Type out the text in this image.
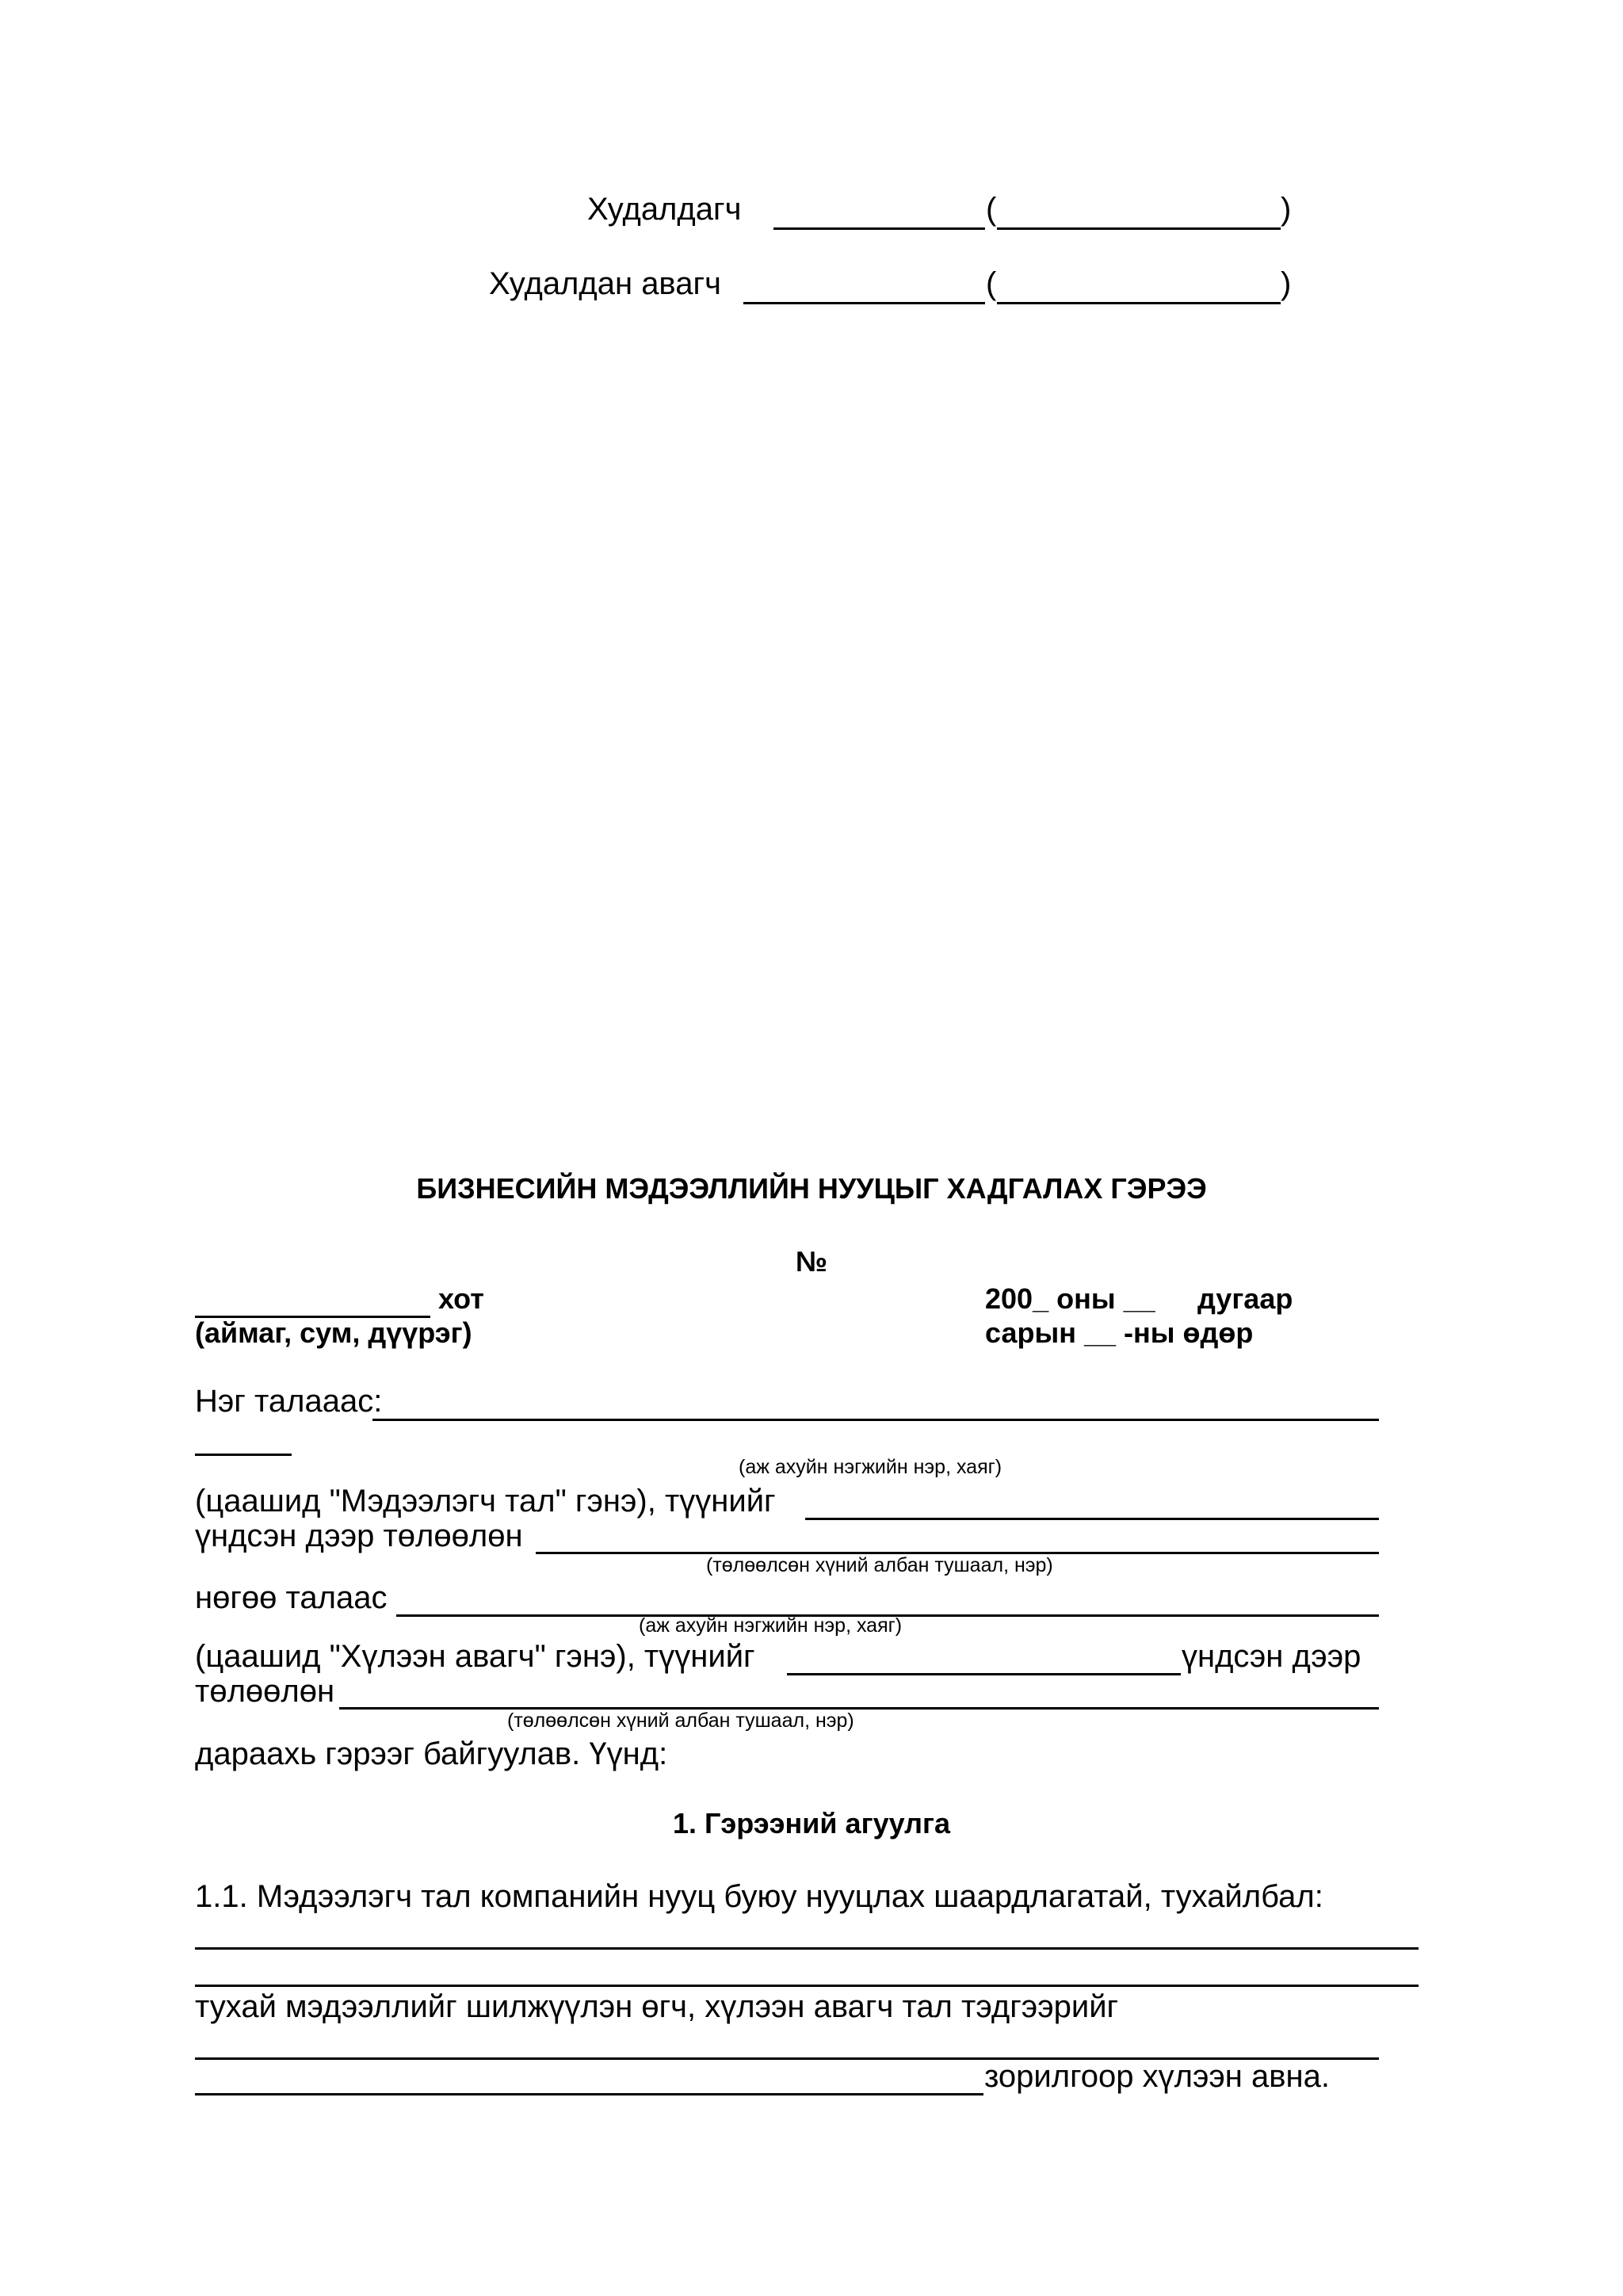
Худалдагч	(	)
Худалдан авагч	(	)
БИЗНЕСИЙН МЭДЭЭЛЛИЙН НУУЦЫГ ХАДГАЛАХ ГЭРЭЭ
№
хот
(аймаг, сум, дүүрэг)
200_ оны __ дугаар
сарын __ -ны өдөр
Нэг талааас:
(аж ахуйн нэгжийн нэр, хаяг)
(цаашид "Мэдээлэгч тал" гэнэ), түүнийг
үндсэн дээр төлөөлөн
(төлөөлсөн хүний албан тушаал, нэр)
нөгөө талаас
(аж ахуйн нэгжийн нэр, хаяг)
(цаашид "Хүлээн авагч" гэнэ), түүнийг	үндсэн дээр
төлөөлөн
(төлөөлсөн хүний албан тушаал, нэр)
дараахь гэрээг байгуулав. Үүнд:
1. Гэрээний агуулга
1.1. Мэдээлэгч тал компанийн нууц буюу нууцлах шаардлагатай, тухайлбал:
тухай мэдээллийг шилжүүлэн өгч, хүлээн авагч тал тэдгээрийг
зорилгоор хүлээн авна.
